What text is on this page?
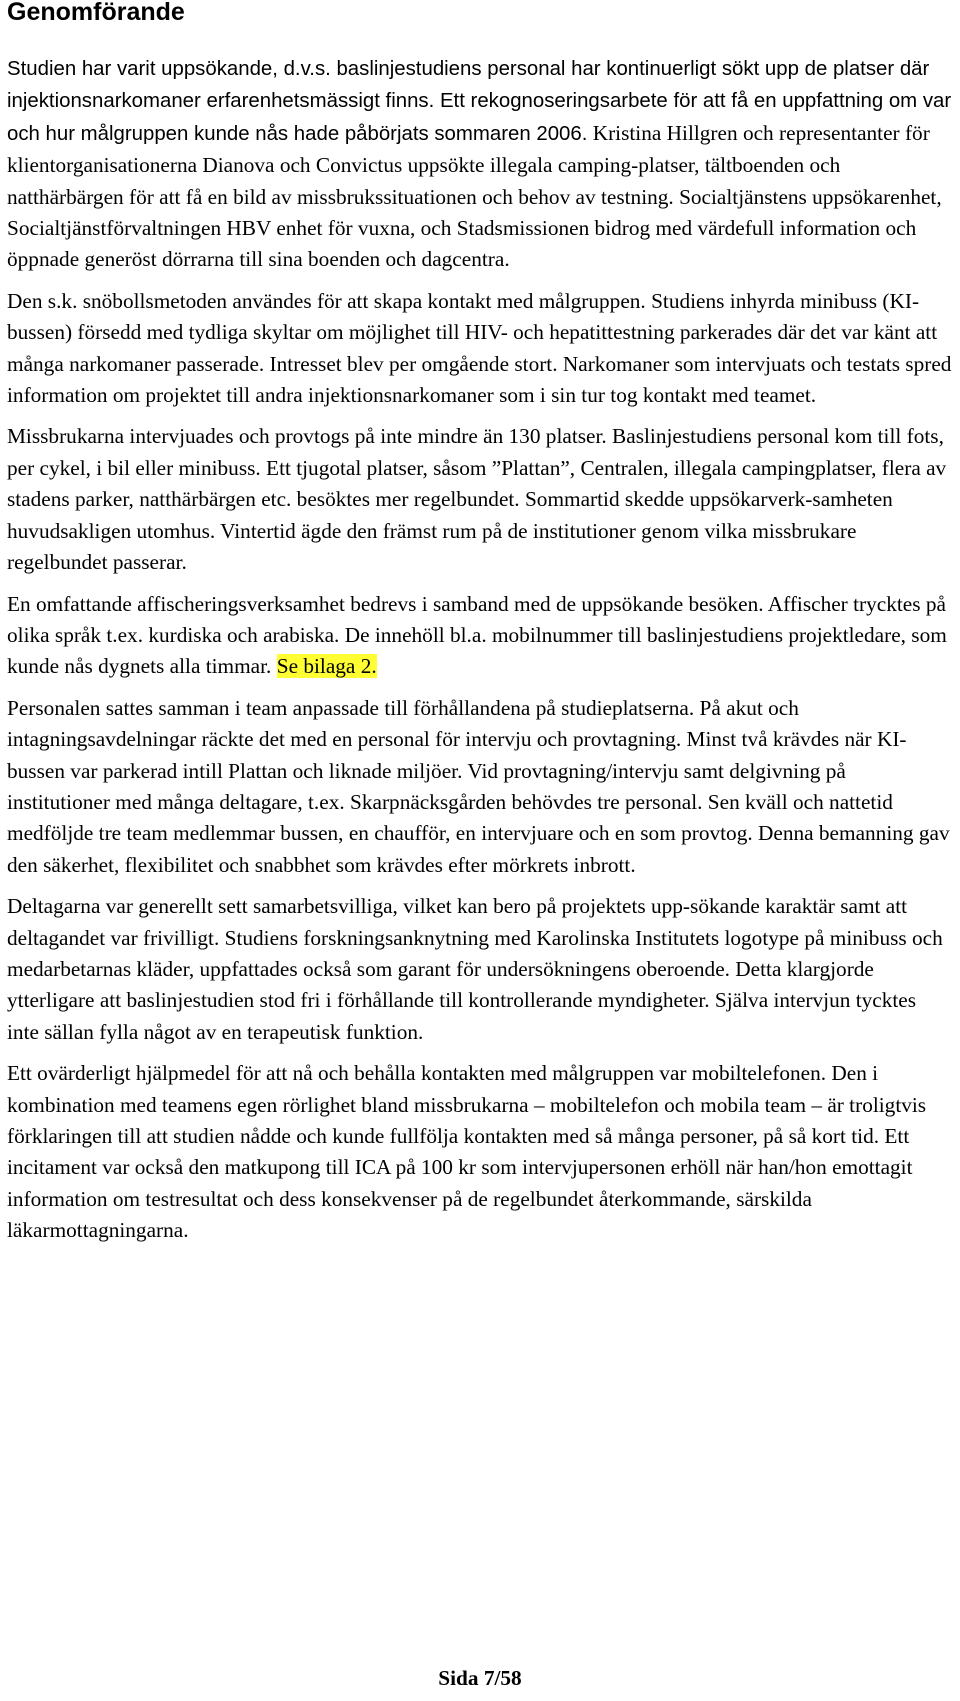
Genomförande

Studien har varit uppsökande, d.v.s. baslinjestudiens personal har kontinuerligt sökt upp de platser där injektionsnarkomaner erfarenhetsmässigt finns. Ett rekognoseringsarbete för att få en uppfattning om var och hur målgruppen kunde nås hade påbörjats sommaren 2006. Kristina Hillgren och representanter för klientorganisationerna Dianova och Convictus uppsökte illegala camping-platser, tältboenden och natthärbärgen för att få en bild av missbrukssituationen och behov av testning. Socialtjänstens uppsökarenhet, Socialtjänstförvaltningen HBV enhet för vuxna, och Stadsmissionen bidrog med värdefull information och öppnade generöst dörrarna till sina boenden och dagcentra.

Den s.k. snöbollsmetoden användes för att skapa kontakt med målgruppen. Studiens inhyrda minibuss (KI-bussen) försedd med tydliga skyltar om möjlighet till HIV- och hepatittestning parkerades där det var känt att många narkomaner passerade. Intresset blev per omgående stort. Narkomaner som intervjuats och testats spred information om projektet till andra injektionsnarkomaner som i sin tur tog kontakt med teamet.

Missbrukarna intervjuades och provtogs på inte mindre än 130 platser. Baslinjestudiens personal kom till fots, per cykel, i bil eller minibuss. Ett tjugotal platser, såsom ”Plattan”, Centralen, illegala campingplatser, flera av stadens parker, natthärbärgen etc. besöktes mer regelbundet. Sommartid skedde uppsökarverk-samheten huvudsakligen utomhus. Vintertid ägde den främst rum på de institutioner genom vilka missbrukare regelbundet passerar.

En omfattande affischeringsverksamhet bedrevs i samband med de uppsökande besöken. Affischer trycktes på olika språk t.ex. kurdiska och arabiska. De innehöll bl.a. mobilnummer till baslinjestudiens projektledare, som kunde nås dygnets alla timmar. Se bilaga 2.

Personalen sattes samman i team anpassade till förhållandena på studieplatserna. På akut och intagningsavdelningar räckte det med en personal för intervju och provtagning. Minst två krävdes när KI-bussen var parkerad intill Plattan och liknade miljöer. Vid provtagning/intervju samt delgivning på institutioner med många deltagare, t.ex. Skarpnäcksgården behövdes tre personal. Sen kväll och nattetid medföljde tre team medlemmar bussen, en chaufför, en intervjuare och en som provtog. Denna bemanning gav den säkerhet, flexibilitet och snabbhet som krävdes efter mörkrets inbrott.

Deltagarna var generellt sett samarbetsvilliga, vilket kan bero på projektets upp-sökande karaktär samt att deltagandet var frivilligt. Studiens forskningsanknytning med Karolinska Institutets logotype på minibuss och medarbetarnas kläder, uppfattades också som garant för undersökningens oberoende. Detta klargjorde ytterligare att baslinjestudien stod fri i förhållande till kontrollerande myndigheter. Själva intervjun tycktes inte sällan fylla något av en terapeutisk funktion.

Ett ovärderligt hjälpmedel för att nå och behålla kontakten med målgruppen var mobiltelefonen. Den i kombination med teamens egen rörlighet bland missbrukarna – mobiltelefon och mobila team – är troligtvis förklaringen till att studien nådde och kunde fullfölja kontakten med så många personer, på så kort tid. Ett incitament var också den matkupong till ICA på 100 kr som intervjupersonen erhöll när han/hon emottagit information om testresultat och dess konsekvenser på de regelbundet återkommande, särskilda läkarmottagningarna.

Sida 7/58
